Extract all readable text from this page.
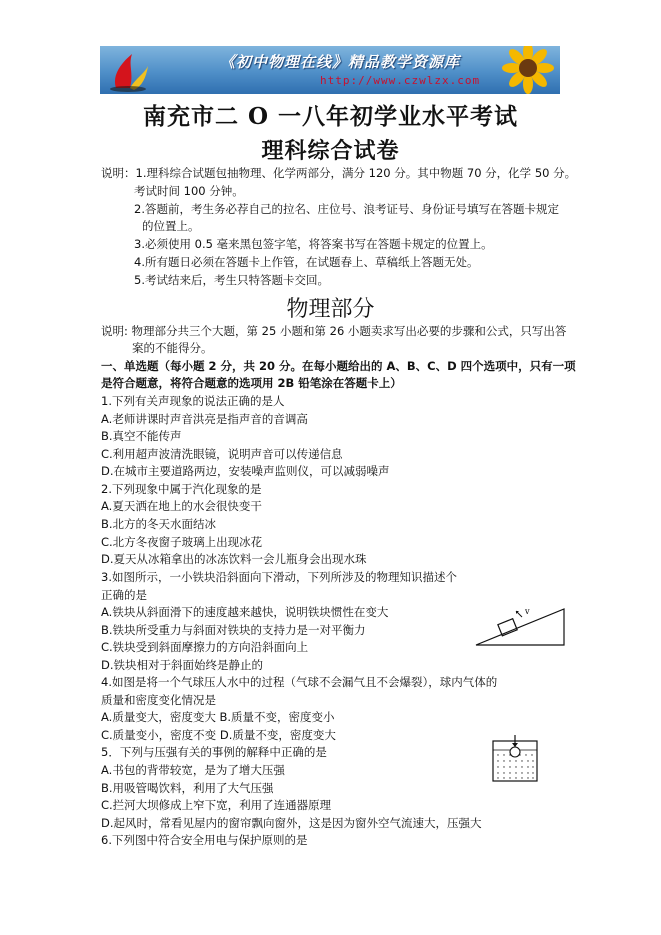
《初中物理在线》精品教学资源库
http://www.czwlzx.com
南充市二 O 一八年初学业水平考试
理科综合试卷
说明：1.理科综合试题包抽物理、化学两部分，满分 120 分。其中物题 70 分，化学 50 分。
考试时间 100 分钟。
2.答题前，考生务必荐自己的拉名、庄位号、浪考证号、身份证号填写在答题卡规定
的位置上。
3.必须使用 0.5 毫来黑包签字笔，将答案书写在答题卡规定的位置上。
4.所有题日必须在答题卡上作管，在试题春上、草稿纸上答题无处。
5.考试结来后，考生只特答题卡交回。
物理部分
说明: 物理部分共三个大题，第 25 小题和第 26 小题卖求写出必要的步骤和公式，只写出答
案的不能得分。
一、单选题（每小题 2 分，共 20 分。在每小题给出的 A、B、C、D 四个选项中，只有一项
是符合题意，将符合题意的选项用 2B 铅笔涂在答题卡上）
1.下列有关声现象的说法正确的是人
A.老师讲课时声音洪亮是指声音的音调高
B.真空不能传声
C.利用超声波清洗眼镜，说明声音可以传递信息
D.在城市主要道路两边，安装噪声监则仪，可以减弱噪声
2.下列现象中属于汽化现象的是
A.夏天洒在地上的水会很快变干
B.北方的冬天水面结冰
C.北方冬夜窗子玻璃上出现冰花
D.夏天从冰箱拿出的冰冻饮料一会儿瓶身会出现水珠
3.如图所示，一小铁块沿斜面向下滑动，下列所涉及的物理知识描述个
正确的是
A.铁块从斜面滑下的速度越来越快，说明铁块惯性在变大
B.铁块所受重力与斜面对铁块的支持力是一对平衡力
C.铁块受到斜面摩擦力的方向沿斜面向上
D.铁块相对于斜面始终是静止的
4.如图是将一个气球压人水中的过程（气球不会漏气且不会爆裂），球内气体的
质量和密度变化情况是
A.质量变大，密度变大 B.质量不变，密度变小
C.质量变小，密度不变 D.质量不变，密度变大
5．下列与压强有关的事例的解释中正确的是
A.书包的背带较宽，是为了增大压强
B.用吸管喝饮料，利用了大气压强
C.拦河大坝修成上窄下宽，利用了连通器原理
D.起风时，常看见屋内的窗帘飘向窗外，这是因为窗外空气流速大，压强大
6.下列图中符合安全用电与保护原则的是
v
